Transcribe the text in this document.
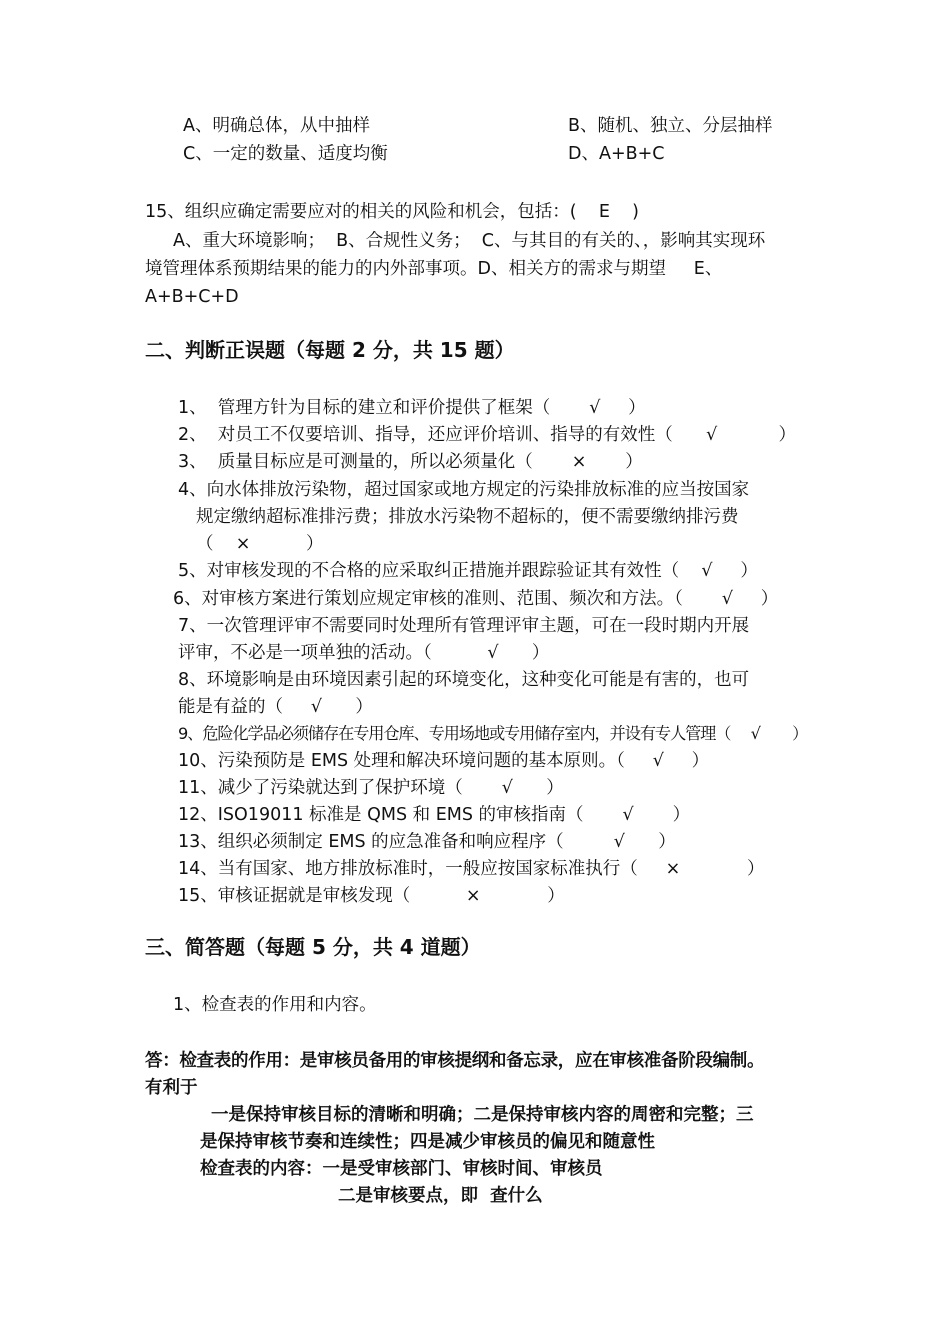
A、明确总体，从中抽样	B、随机、独立、分层抽样
C、一定的数量、适度均衡	D、A+B+C
15、组织应确定需要应对的相关的风险和机会，包括：(    E    )
A、重大环境影响；  B、合规性义务；  C、与其目的有关的、，影响其实现环
境管理体系预期结果的能力的内外部事项。D、相关方的需求与期望     E、
A+B+C+D
二、判断正误题（每题 2 分，共 15 题）
1、  管理方针为目标的建立和评价提供了框架（       √     ）
2、  对员工不仅要培训、指导，还应评价培训、指导的有效性（      √           ）
3、  质量目标应是可测量的，所以必须量化（       ×       ）
4、向水体排放污染物，超过国家或地方规定的污染排放标准的应当按国家
规定缴纳超标准排污费；排放水污染物不超标的，便不需要缴纳排污费
（    ×          ）
5、对审核发现的不合格的应采取纠正措施并跟踪验证其有效性（    √     ）
6、对审核方案进行策划应规定审核的准则、范围、频次和方法。（       √     ）
7、一次管理评审不需要同时处理所有管理评审主题，可在一段时期内开展
评审，不必是一项单独的活动。（          √      ）
8、环境影响是由环境因素引起的环境变化，这种变化可能是有害的，也可
能是有益的（     √      ）
9、危险化学品必须储存在专用仓库、专用场地或专用储存室内，并设有专人管理（     √        ）
10、污染预防是 EMS 处理和解决环境问题的基本原则。（     √     ）
11、减少了污染就达到了保护环境（       √      ）
12、ISO19011 标准是 QMS 和 EMS 的审核指南（       √       ）
13、组织必须制定 EMS 的应急准备和响应程序（         √      ）
14、当有国家、地方排放标准时，一般应按国家标准执行（     ×            ）
15、审核证据就是审核发现（          ×            ）
三、简答题（每题 5 分，共 4 道题）
1、检查表的作用和内容。
答：检查表的作用：是审核员备用的审核提纲和备忘录，应在审核准备阶段编制。
有利于
一是保持审核目标的清晰和明确；二是保持审核内容的周密和完整；三
是保持审核节奏和连续性；四是减少审核员的偏见和随意性
检查表的内容：一是受审核部门、审核时间、审核员
二是审核要点，即  查什么
